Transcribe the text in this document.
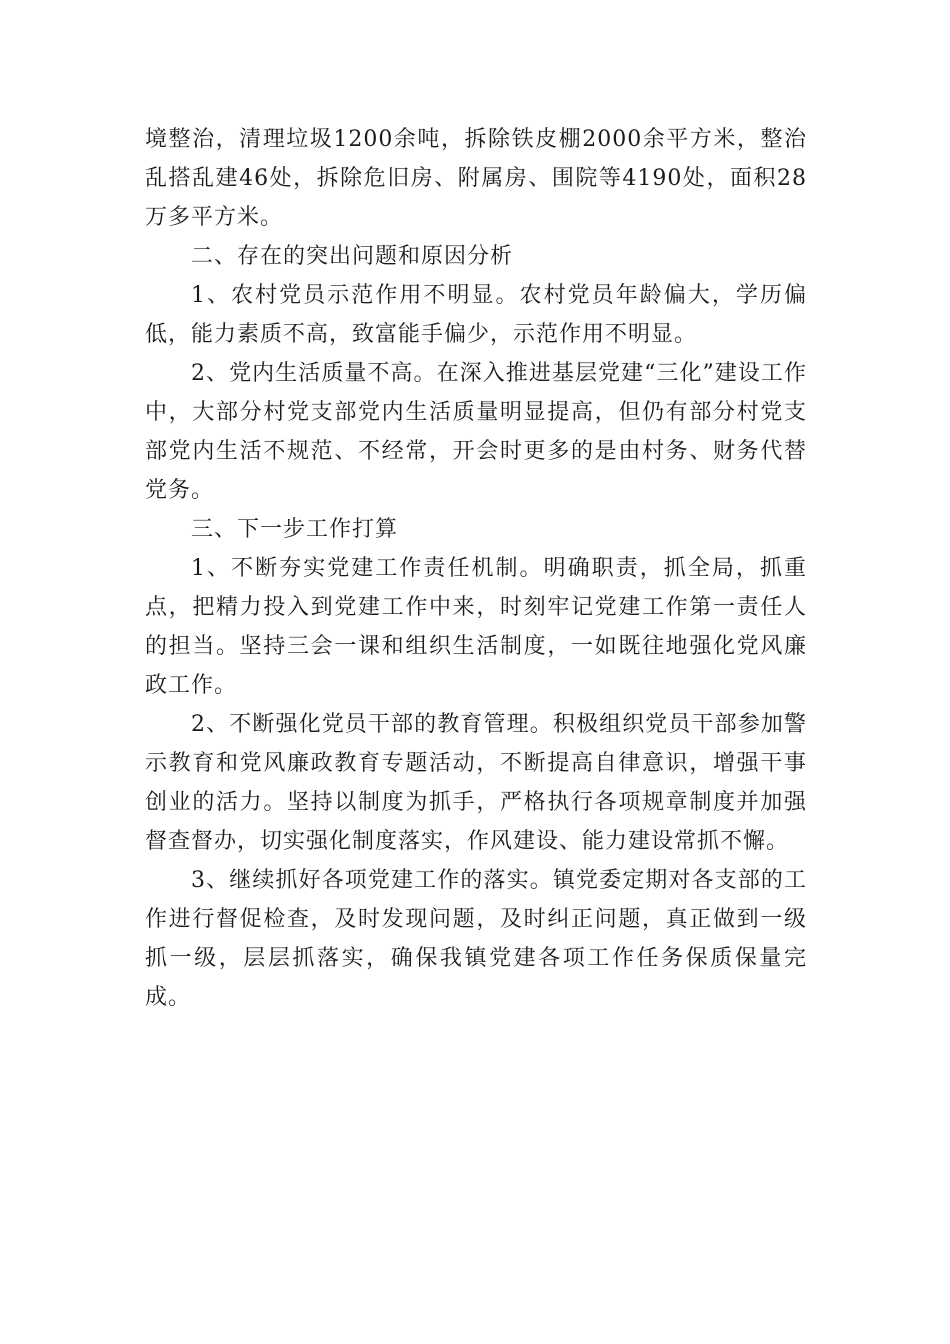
境整治，清理垃圾1200余吨，拆除铁皮棚2000余平方米，整治乱搭乱建46处，拆除危旧房、附属房、围院等4190处，面积28万多平方米。

二、存在的突出问题和原因分析

1、农村党员示范作用不明显。农村党员年龄偏大，学历偏低，能力素质不高，致富能手偏少，示范作用不明显。

2、党内生活质量不高。在深入推进基层党建“三化”建设工作中，大部分村党支部党内生活质量明显提高，但仍有部分村党支部党内生活不规范、不经常，开会时更多的是由村务、财务代替党务。

三、下一步工作打算

1、不断夯实党建工作责任机制。明确职责，抓全局，抓重点，把精力投入到党建工作中来，时刻牢记党建工作第一责任人的担当。坚持三会一课和组织生活制度，一如既往地强化党风廉政工作。

2、不断强化党员干部的教育管理。积极组织党员干部参加警示教育和党风廉政教育专题活动，不断提高自律意识，增强干事创业的活力。坚持以制度为抓手，严格执行各项规章制度并加强督查督办，切实强化制度落实，作风建设、能力建设常抓不懈。

3、继续抓好各项党建工作的落实。镇党委定期对各支部的工作进行督促检查，及时发现问题，及时纠正问题，真正做到一级抓一级，层层抓落实，确保我镇党建各项工作任务保质保量完成。
